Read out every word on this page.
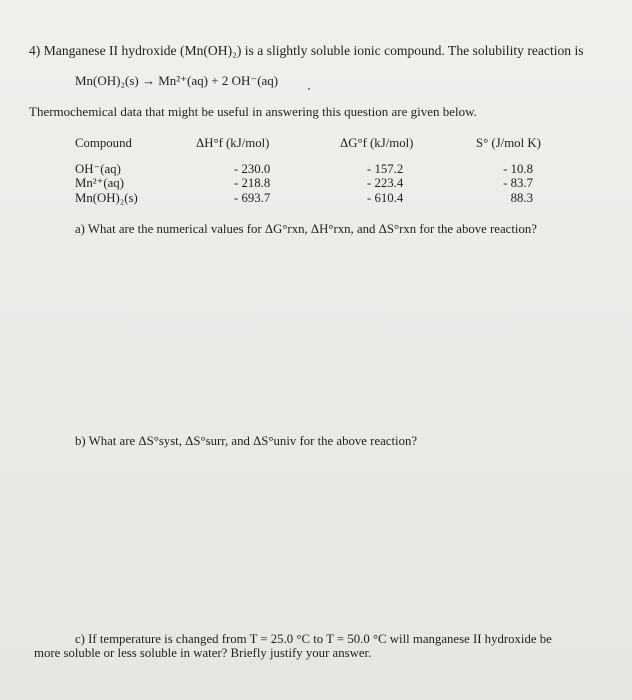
4) Manganese II hydroxide (Mn(OH)₂) is a slightly soluble ionic compound. The solubility reaction is
Mn(OH)₂(s) → Mn²⁺(aq) + 2 OH⁻(aq)
Thermochemical data that might be useful in answering this question are given below.
Compound	ΔH°f (kJ/mol)	ΔG°f (kJ/mol)	S° (J/mol K)
OH⁻(aq)	- 230.0	- 157.2	- 10.8
Mn²⁺(aq)	- 218.8	- 223.4	- 83.7
Mn(OH)₂(s)	- 693.7	- 610.4	88.3
a) What are the numerical values for ΔG°rxn, ΔH°rxn, and ΔS°rxn for the above reaction?
b) What are ΔS°syst, ΔS°surr, and ΔS°univ for the above reaction?
c) If temperature is changed from T = 25.0 °C to T = 50.0 °C will manganese II hydroxide be
more soluble or less soluble in water? Briefly justify your answer.
